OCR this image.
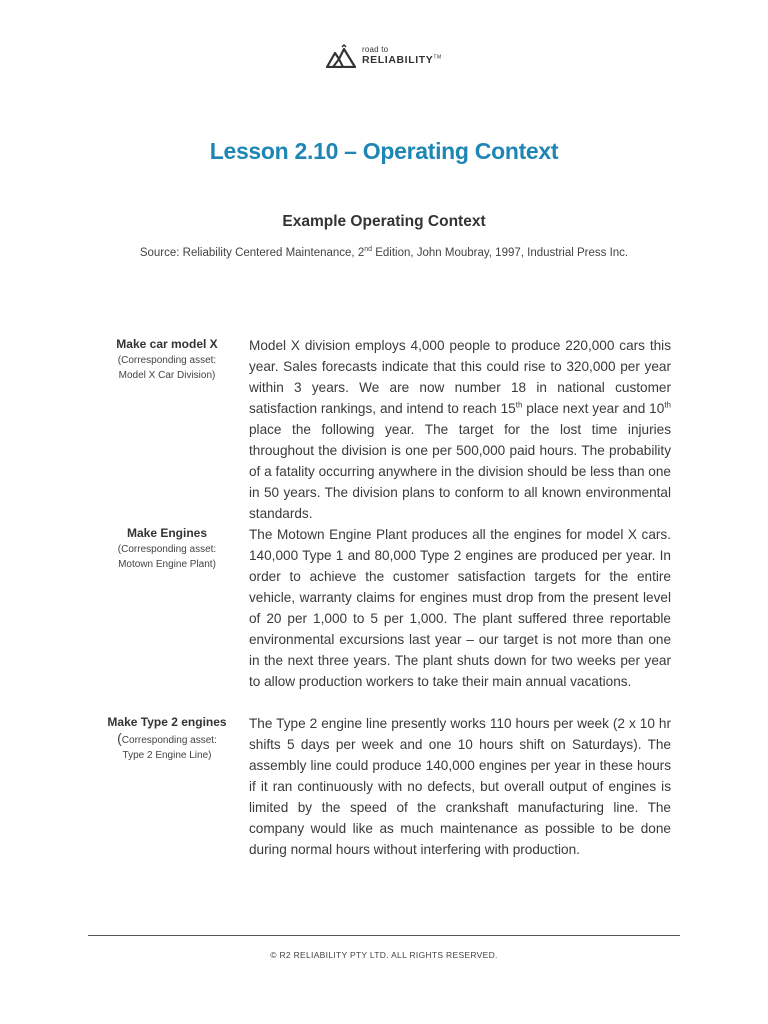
road to
RELIABILITY™
Lesson 2.10 – Operating Context
Example Operating Context
Source: Reliability Centered Maintenance, 2nd Edition, John Moubray, 1997, Industrial Press Inc.
Make car model X
(Corresponding asset:
Model X Car Division)

Model X division employs 4,000 people to produce 220,000 cars this year. Sales forecasts indicate that this could rise to 320,000 per year within 3 years. We are now number 18 in national customer satisfaction rankings, and intend to reach 15th place next year and 10th place the following year. The target for the lost time injuries throughout the division is one per 500,000 paid hours. The probability of a fatality occurring anywhere in the division should be less than one in 50 years. The division plans to conform to all known environmental standards.

Make Engines
(Corresponding asset:
Motown Engine Plant)

The Motown Engine Plant produces all the engines for model X cars. 140,000 Type 1 and 80,000 Type 2 engines are produced per year. In order to achieve the customer satisfaction targets for the entire vehicle, warranty claims for engines must drop from the present level of 20 per 1,000 to 5 per 1,000. The plant suffered three reportable environmental excursions last year – our target is not more than one in the next three years. The plant shuts down for two weeks per year to allow production workers to take their main annual vacations.

Make Type 2 engines
(Corresponding asset:
Type 2 Engine Line)

The Type 2 engine line presently works 110 hours per week (2 x 10 hr shifts 5 days per week and one 10 hours shift on Saturdays). The assembly line could produce 140,000 engines per year in these hours if it ran continuously with no defects, but overall output of engines is limited by the speed of the crankshaft manufacturing line. The company would like as much maintenance as possible to be done during normal hours without interfering with production.

© R2 RELIABILITY PTY LTD. ALL RIGHTS RESERVED.
